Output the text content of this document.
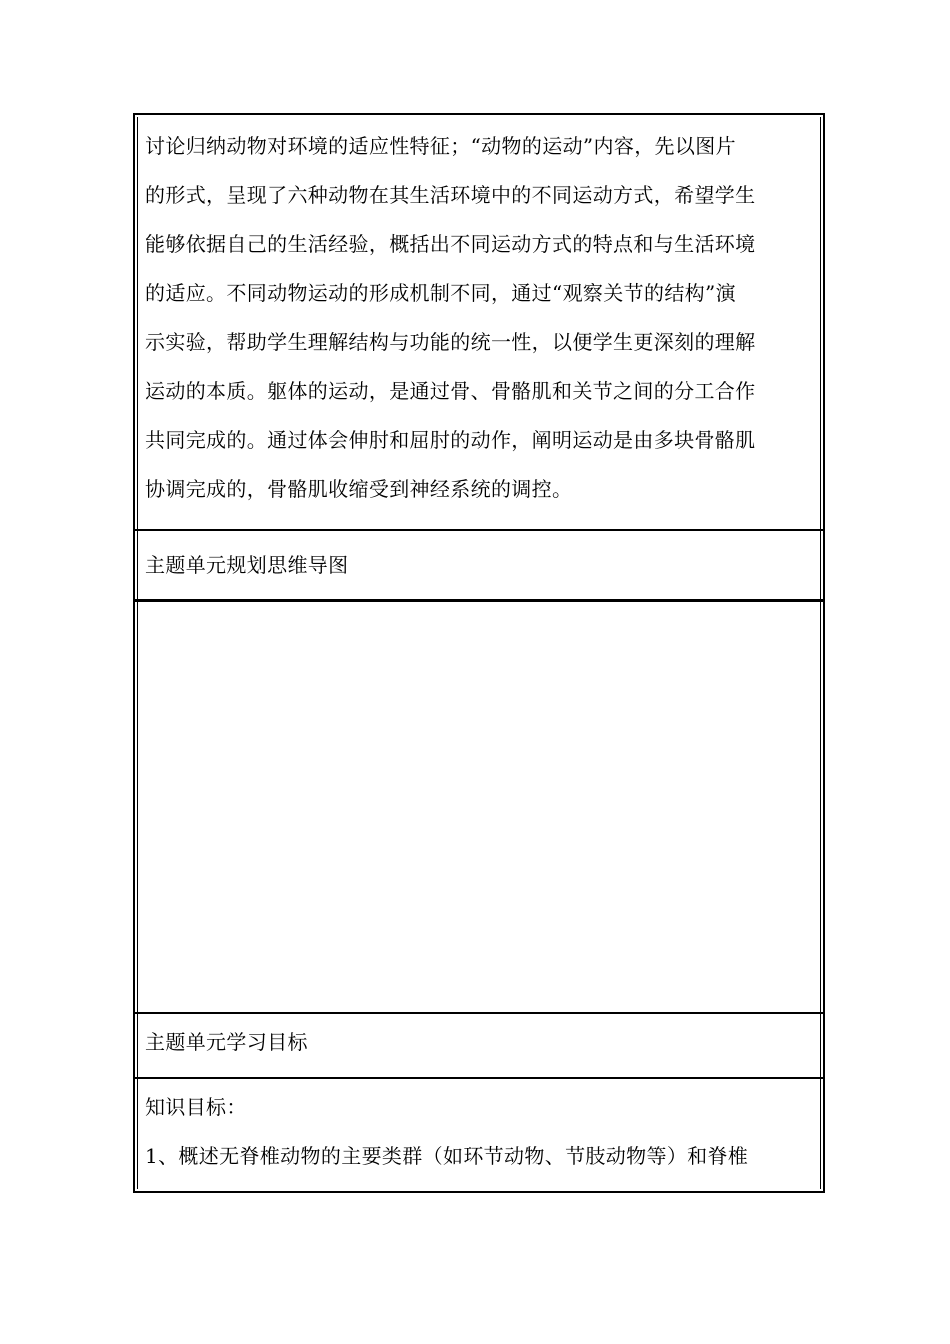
讨论归纳动物对环境的适应性特征；“动物的运动”内容，先以图片

的形式，呈现了六种动物在其生活环境中的不同运动方式，希望学生

能够依据自己的生活经验，概括出不同运动方式的特点和与生活环境

的适应。不同动物运动的形成机制不同，通过“观察关节的结构”演

示实验，帮助学生理解结构与功能的统一性，以便学生更深刻的理解

运动的本质。躯体的运动，是通过骨、骨骼肌和关节之间的分工合作

共同完成的。通过体会伸肘和屈肘的动作，阐明运动是由多块骨骼肌

协调完成的，骨骼肌收缩受到神经系统的调控。

主题单元规划思维导图

主题单元学习目标

知识目标：

1、概述无脊椎动物的主要类群（如环节动物、节肢动物等）和脊椎
